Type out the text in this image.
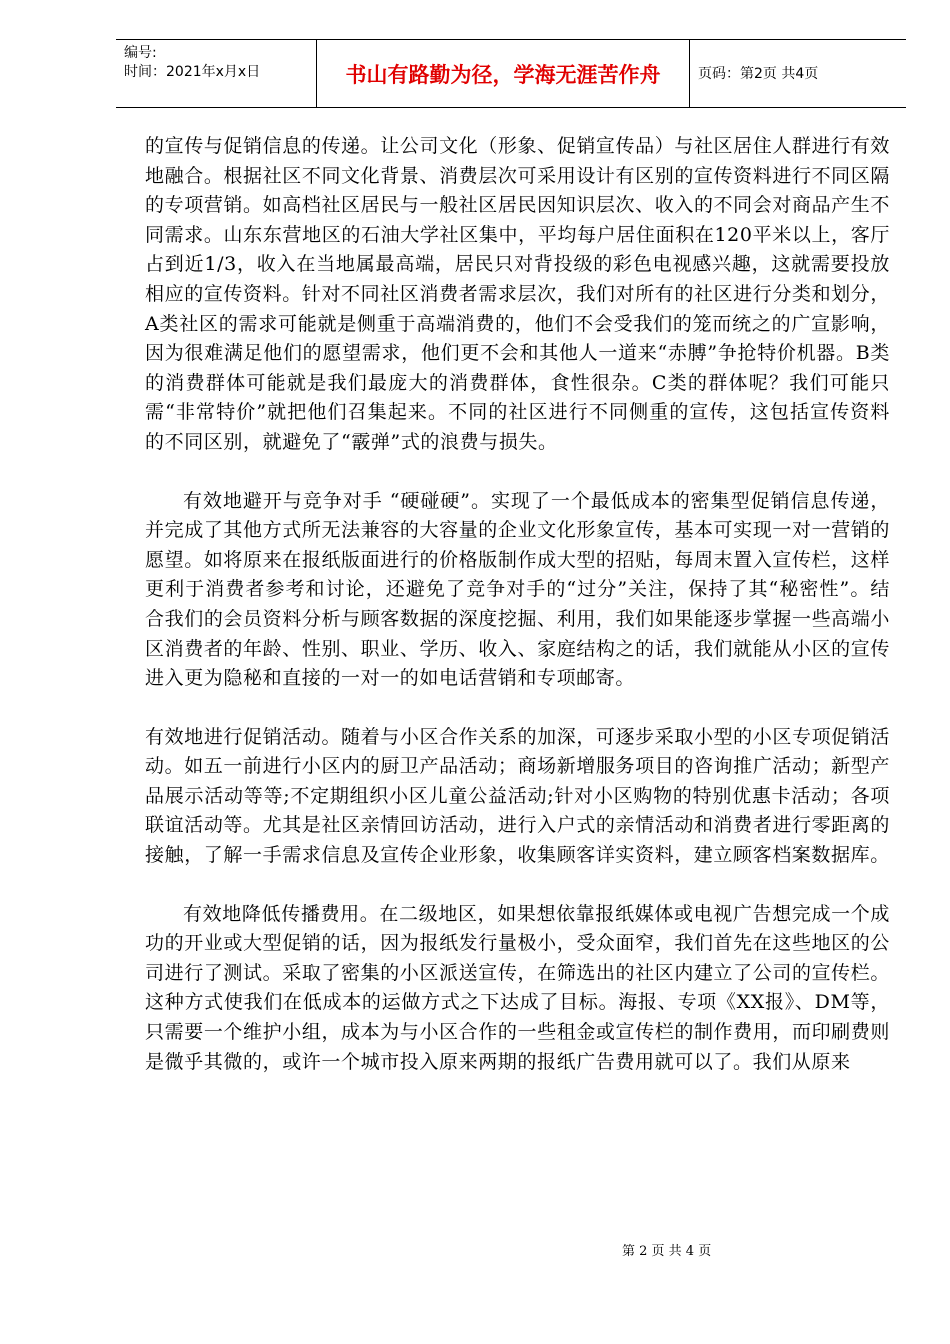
编号:
时间：2021年x月x日	书山有路勤为径，学海无涯苦作舟	页码：第2页 共4页

的宣传与促销信息的传递。让公司文化（形象、促销宣传品）与社区居住人群进行有效地融合。根据社区不同文化背景、消费层次可采用设计有区别的宣传资料进行不同区隔的专项营销。如高档社区居民与一般社区居民因知识层次、收入的不同会对商品产生不同需求。山东东营地区的石油大学社区集中，平均每户居住面积在120平米以上，客厅占到近1/3，收入在当地属最高端，居民只对背投级的彩色电视感兴趣，这就需要投放相应的宣传资料。针对不同社区消费者需求层次，我们对所有的社区进行分类和划分，A类社区的需求可能就是侧重于高端消费的，他们不会受我们的笼而统之的广宣影响，因为很难满足他们的愿望需求，他们更不会和其他人一道来“赤膊”争抢特价机器。B类的消费群体可能就是我们最庞大的消费群体，食性很杂。C类的群体呢？我们可能只需“非常特价”就把他们召集起来。不同的社区进行不同侧重的宣传，这包括宣传资料的不同区别，就避免了“霰弹”式的浪费与损失。

有效地避开与竞争对手 “硬碰硬”。实现了一个最低成本的密集型促销信息传递，并完成了其他方式所无法兼容的大容量的企业文化形象宣传，基本可实现一对一营销的愿望。如将原来在报纸版面进行的价格版制作成大型的招贴，每周末置入宣传栏，这样更利于消费者参考和讨论，还避免了竞争对手的“过分”关注，保持了其“秘密性”。结合我们的会员资料分析与顾客数据的深度挖掘、利用，我们如果能逐步掌握一些高端小区消费者的年龄、性别、职业、学历、收入、家庭结构之的话，我们就能从小区的宣传进入更为隐秘和直接的一对一的如电话营销和专项邮寄。

有效地进行促销活动。随着与小区合作关系的加深，可逐步采取小型的小区专项促销活动。如五一前进行小区内的厨卫产品活动；商场新增服务项目的咨询推广活动；新型产品展示活动等等;不定期组织小区儿童公益活动;针对小区购物的特别优惠卡活动；各项联谊活动等。尤其是社区亲情回访活动，进行入户式的亲情活动和消费者进行零距离的接触，了解一手需求信息及宣传企业形象，收集顾客详实资料，建立顾客档案数据库。

有效地降低传播费用。在二级地区，如果想依靠报纸媒体或电视广告想完成一个成功的开业或大型促销的话，因为报纸发行量极小，受众面窄，我们首先在这些地区的公司进行了测试。采取了密集的小区派送宣传，在筛选出的社区内建立了公司的宣传栏。这种方式使我们在低成本的运做方式之下达成了目标。海报、专项《XX报》、DM等，只需要一个维护小组，成本为与小区合作的一些租金或宣传栏的制作费用，而印刷费则是微乎其微的，或许一个城市投入原来两期的报纸广告费用就可以了。我们从原来

第 2 页 共 4 页
